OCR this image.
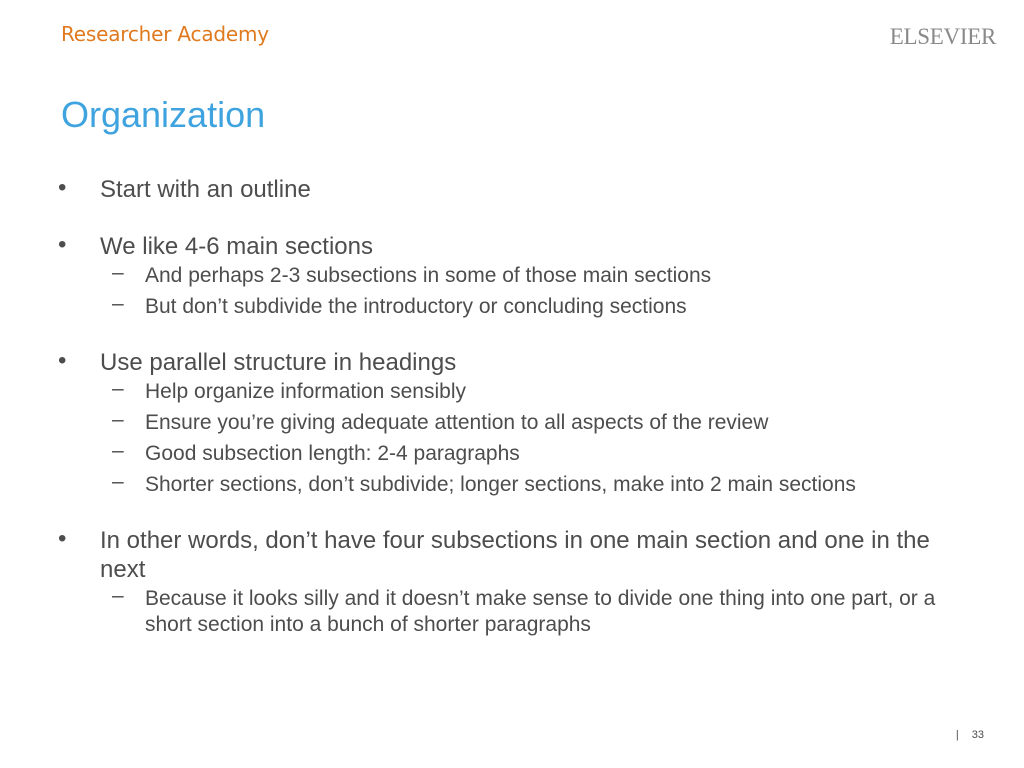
Researcher Academy	ELSEVIER
Organization
• Start with an outline
• We like 4-6 main sections
– And perhaps 2-3 subsections in some of those main sections
– But don’t subdivide the introductory or concluding sections
• Use parallel structure in headings
– Help organize information sensibly
– Ensure you’re giving adequate attention to all aspects of the review
– Good subsection length: 2-4 paragraphs
– Shorter sections, don’t subdivide; longer sections, make into 2 main sections
• In other words, don’t have four subsections in one main section and one in the next
– Because it looks silly and it doesn’t make sense to divide one thing into one part, or a short section into a bunch of shorter paragraphs
| 33
